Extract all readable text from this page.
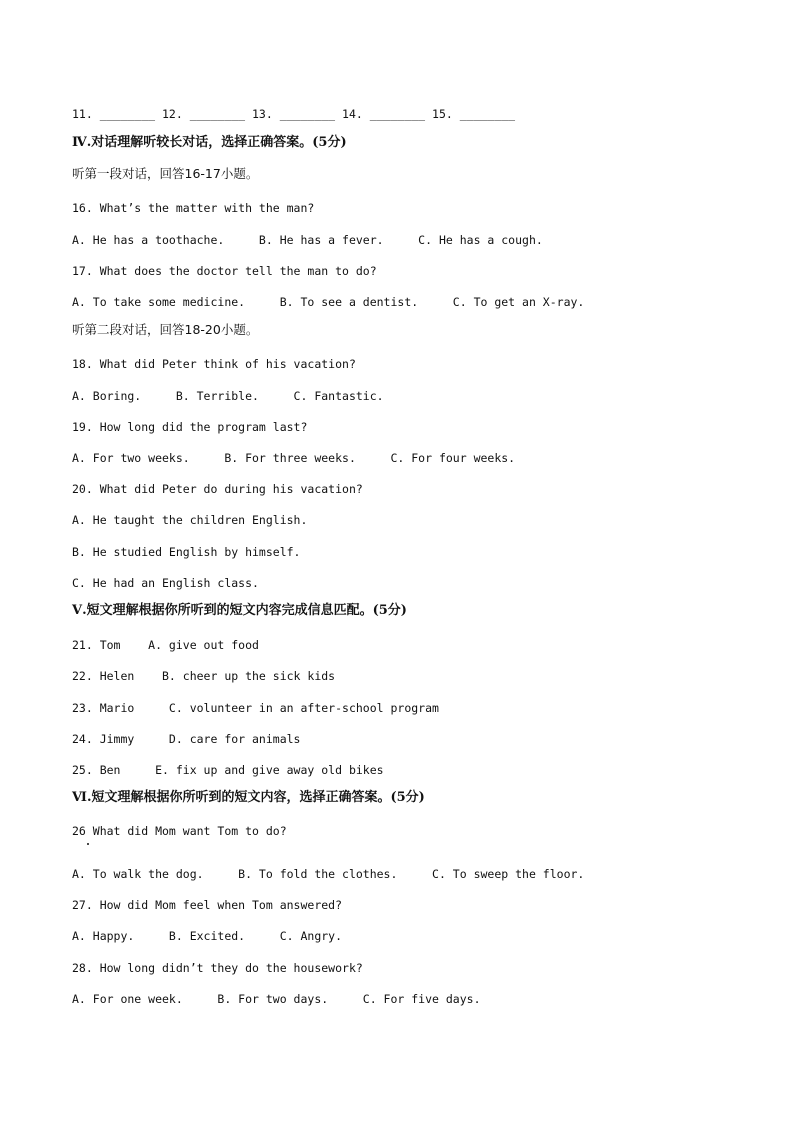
11. ________ 12. ________ 13. ________ 14. ________ 15. ________
Ⅳ.对话理解听较长对话，选择正确答案。(5分)
听第一段对话，回答16-17小题。
16. What’s the matter with the man?
A. He has a toothache.     B. He has a fever.     C. He has a cough.
17. What does the doctor tell the man to do?
A. To take some medicine.     B. To see a dentist.     C. To get an X-ray.
听第二段对话，回答18-20小题。
18. What did Peter think of his vacation?
A. Boring.     B. Terrible.     C. Fantastic.
19. How long did the program last?
A. For two weeks.     B. For three weeks.     C. For four weeks.
20. What did Peter do during his vacation?
A. He taught the children English.
B. He studied English by himself.
C. He had an English class.
Ⅴ.短文理解根据你所听到的短文内容完成信息匹配。(5分)
21. Tom    A. give out food
22. Helen    B. cheer up the sick kids
23. Mario     C. volunteer in an after-school program
24. Jimmy     D. care for animals
25. Ben     E. fix up and give away old bikes
Ⅵ.短文理解根据你所听到的短文内容，选择正确答案。(5分)
26 What did Mom want Tom to do?
A. To walk the dog.     B. To fold the clothes.     C. To sweep the floor.
27. How did Mom feel when Tom answered?
A. Happy.     B. Excited.     C. Angry.
28. How long didn’t they do the housework?
A. For one week.     B. For two days.     C. For five days.
